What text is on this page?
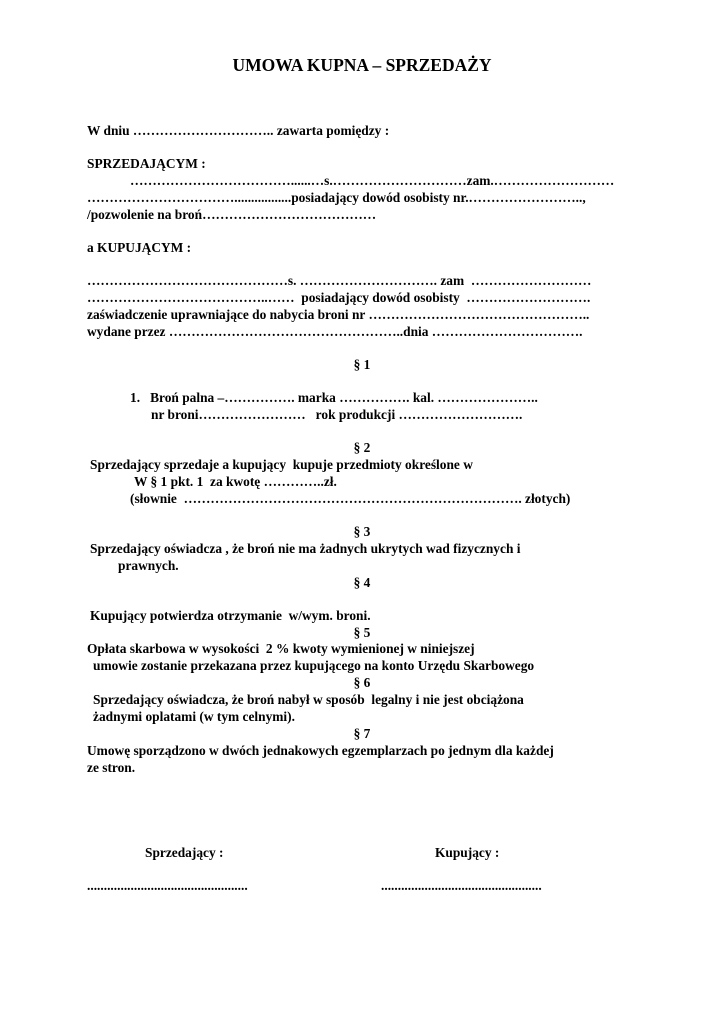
UMOWA KUPNA – SPRZEDAŻY
W dniu ………………………….. zawarta pomiędzy :
SPRZEDAJĄCYM :
………………………………......…s.…………………………zam.………………………
…………………………….................posiadający dowód osobisty nr.……………………..,
/pozwolenie na broń…………………………………
a KUPUJĄCYM :
………………………………………s. …………………………. zam  ………………………
…………………………………..……  posiadający dowód osobisty  ……………………….
zaświadczenie uprawniające do nabycia broni nr …………………………………………..
wydane przez ……………………………………………..dnia …………………………….
§ 1
1.   Broń palna –……………. marka ……………. kal. …………………..
nr broni……………………   rok produkcji ……………………….
§ 2
Sprzedający sprzedaje a kupujący  kupuje przedmioty określone w
W § 1 pkt. 1  za kwotę …………..zł.
(słownie  …………………………………………………………………. złotych)
§ 3
Sprzedający oświadcza , że broń nie ma żadnych ukrytych wad fizycznych i
prawnych.
§ 4
Kupujący potwierdza otrzymanie  w/wym. broni.
§ 5
Opłata skarbowa w wysokości  2 % kwoty wymienionej w niniejszej
umowie zostanie przekazana przez kupującego na konto Urzędu Skarbowego
§ 6
Sprzedający oświadcza, że broń nabył w sposób  legalny i nie jest obciążona
żadnymi oplatami (w tym celnymi).
§ 7
Umowę sporządzono w dwóch jednakowych egzemplarzach po jednym dla każdej
ze stron.
Sprzedający :	Kupujący :
................................................	................................................
